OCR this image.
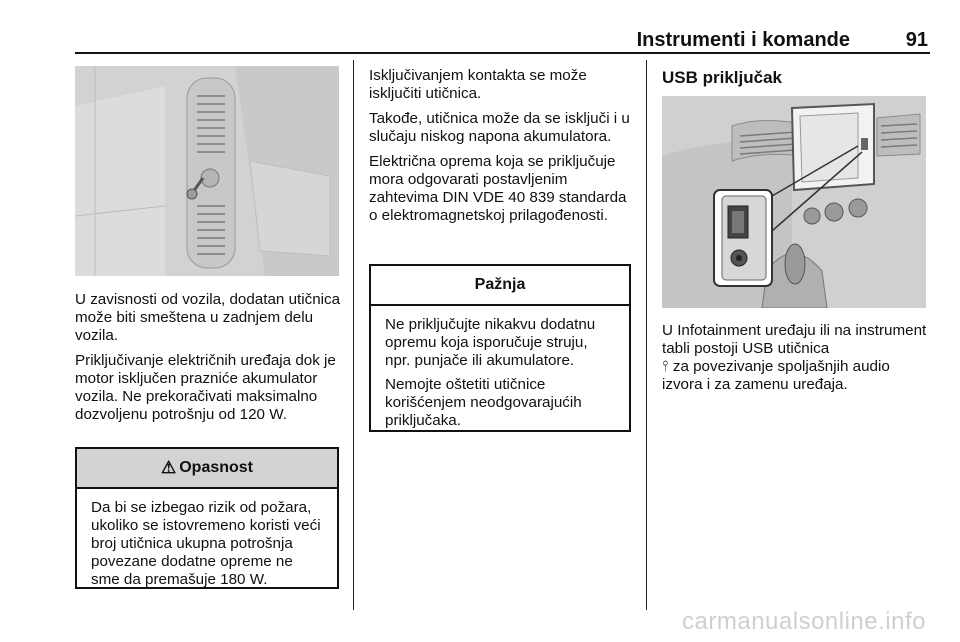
Instrumenti i komande	91

U zavisnosti od vozila, dodatan utičnica može biti smeštena u zadnjem delu vozila.

Priključivanje električnih uređaja dok je motor isključen prazniće akumulator vozila. Ne prekoračivati maksimalno dozvoljenu potrošnju od 120 W.

⚠ Opasnost

Da bi se izbegao rizik od požara, ukoliko se istovremeno koristi veći broj utičnica ukupna potrošnja povezane dodatne opreme ne sme da premašuje 180 W.

Isključivanjem kontakta se može isključiti utičnica.

Takođe, utičnica može da se isključi i u slučaju niskog napona akumulatora.

Električna oprema koja se priključuje mora odgovarati postavljenim zahtevima DIN VDE 40 839 standarda o elektromagnetskoj prilagođenosti.

Pažnja

Ne priključujte nikakvu dodatnu opremu koja isporučuje struju, npr. punjače ili akumulatore.

Nemojte oštetiti utičnice korišćenjem neodgovarajućih priključaka.

USB priključak

U Infotainment uređaju ili na instrument tabli postoji USB utičnica
⫯ za povezivanje spoljašnjih audio izvora i za zamenu uređaja.

carmanualsonline.info
